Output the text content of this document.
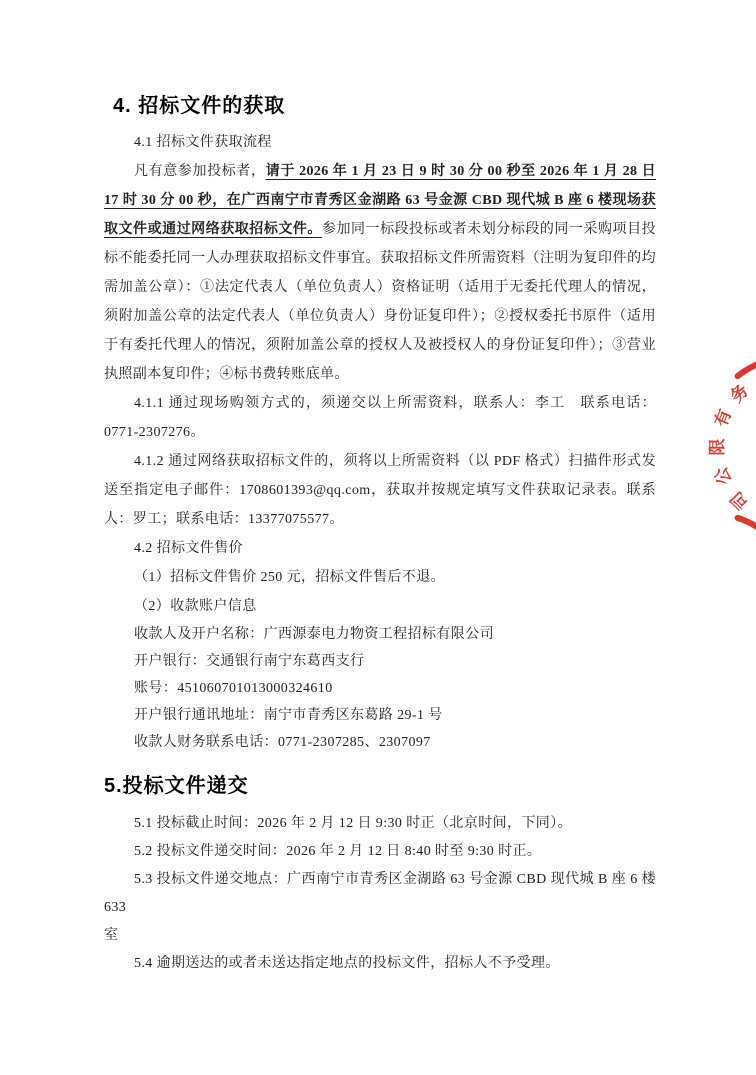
4. 招标文件的获取
4.1 招标文件获取流程
凡有意参加投标者，请于 2026 年 1 月 23 日 9 时 30 分 00 秒至 2026 年 1 月 28 日 17 时 30 分 00 秒，在广西南宁市青秀区金湖路 63 号金源 CBD 现代城 B 座 6 楼现场获取文件或通过网络获取招标文件。参加同一标段投标或者未划分标段的同一采购项目投标不能委托同一人办理获取招标文件事宜。获取招标文件所需资料（注明为复印件的均需加盖公章）：①法定代表人（单位负责人）资格证明（适用于无委托代理人的情况，须附加盖公章的法定代表人（单位负责人）身份证复印件）；②授权委托书原件（适用于有委托代理人的情况，须附加盖公章的授权人及被授权人的身份证复印件）；③营业执照副本复印件；④标书费转账底单。
4.1.1 通过现场购领方式的，须递交以上所需资料，联系人：李工　联系电话：0771-2307276。
4.1.2 通过网络获取招标文件的，须将以上所需资料（以 PDF 格式）扫描件形式发送至指定电子邮件：1708601393@qq.com，获取并按规定填写文件获取记录表。联系人：罗工；联系电话：13377075577。
4.2 招标文件售价
（1）招标文件售价 250 元，招标文件售后不退。
（2）收款账户信息
收款人及开户名称：广西源泰电力物资工程招标有限公司
开户银行：交通银行南宁东葛西支行
账号：451060701013000324610
开户银行通讯地址：南宁市青秀区东葛路 29-1 号
收款人财务联系电话：0771-2307285、2307097
5.投标文件递交
5.1 投标截止时间：2026 年 2 月 12 日 9:30 时正（北京时间，下同）。
5.2 投标文件递交时间：2026 年 2 月 12 日 8:40 时至 9:30 时正。
5.3 投标文件递交地点：广西南宁市青秀区金湖路 63 号金源 CBD 现代城 B 座 6 楼 633
室
5.4 逾期送达的或者未送达指定地点的投标文件，招标人不予受理。
务
有
限
公
司
